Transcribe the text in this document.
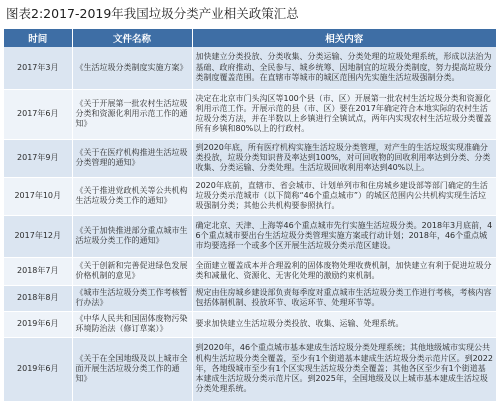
图表2:2017-2019年我国垃圾分类产业相关政策汇总
时间	文件名称	相关内容
2017年3月	《生活垃圾分类制度实施方案》	加快建立分类投放、分类收集、分类运输、分类处理的垃圾处理系统，形成以法治为基础、政府推动、全民参与、城乡统筹、因地制宜的垃圾分类制度，努力提高垃圾分类制度覆盖范围。在直辖市等城市的城区范围内先实施生活垃圾强制分类。
2017年6月	《关于开展第一批农村生活垃圾分类和资源化利用示范工作的通知》	决定在北京市门头沟区等100个县（市、区）开展第一批农村生活垃圾分类和资源化利用示范工作。开展示范的县（市、区）要在2017年确定符合本地实际的农村生活垃圾分类方法，并在半数以上乡镇进行全镇试点，两年内实现农村生活垃圾分类覆盖所有乡镇和80%以上的行政村。
2017年9月	《关于在医疗机构推进生活垃圾分类管理的通知》	到2020年底，所有医疗机构实施生活垃圾分类管理，对产生的生活垃圾实现准确分类投放，垃圾分类知识普及率达到100%，对可回收物的回收利用率达到分类、分类收集、分类运输、分类处理。生活垃圾回收利用率达到40%以上。
2017年10月	《关于推进党政机关等公共机构生活垃圾分类工作的通知》	2020年底前，直辖市、省会城市、计划单列市和住房城乡建设部等部门确定的生活垃圾分类示范城市（以下简称“46个重点城市”）的城区范围内公共机构实现生活垃圾强制分类；其他公共机构要参照执行。
2017年12月	《关于加快推进部分重点城市生活垃圾分类工作的通知》	确定北京、天津、上海等46个重点城市先行实施生活垃圾分类。2018年3月底前，46个重点城市要出台生活垃圾分类管理实施方案或行动计划；2018年，46个重点城市均要选择一个或多个区开展生活垃圾分类示范区建设。
2018年7月	《关于创新和完善促进绿色发展价格机制的意见》	全面建立覆盖成本并合理盈利的固体废物处理收费机制，加快建立有利于促进垃圾分类和减量化、资源化、无害化处理的激励约束机制。
2018年8月	《城市生活垃圾分类工作考核暂行办法》	规定由住房城乡建设部负责每季度对重点城市生活垃圾分类工作进行考核，考核内容包括体制机制、投放环节、收运环节、处理环节等。
2019年6月	《中华人民共和国固体废物污染环境防治法（修订草案）》	要求加快建立生活垃圾分类投放、收集、运输、处理系统。
2019年6月	《关于在全国地级及以上城市全面开展生活垃圾分类工作的通知》	到2020年，46个重点城市基本建成生活垃圾分类处理系统；其他地级城市实现公共机构生活垃圾分类全覆盖，至少有1个街道基本建成生活垃圾分类示范片区。到2022年，各地级城市至少有1个区实现生活垃圾分类全覆盖；其他各区至少有1个街道基本建成生活垃圾分类示范片区。到2025年，全国地级及以上城市基本建成生活垃圾分类处理系统。
